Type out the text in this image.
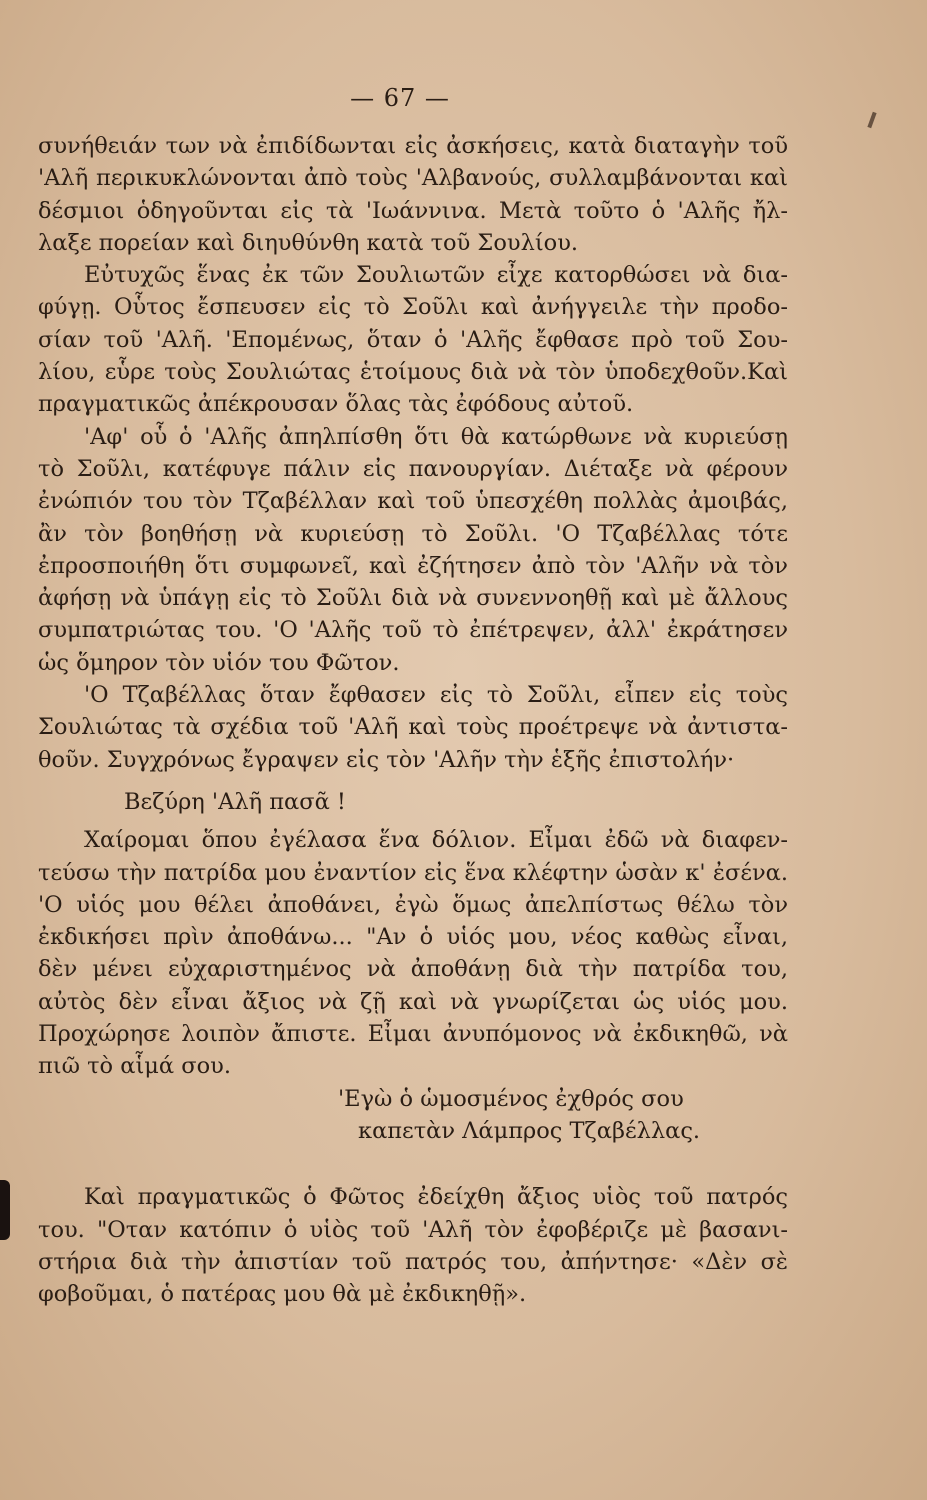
— 67 —
συνήθειάν των νὰ ἐπιδίδωνται εἰς ἀσκήσεις, κατὰ διαταγὴν τοῦ
'Αλῆ περικυκλώνονται ἀπὸ τοὺς 'Αλβανούς, συλλαμβάνονται καὶ
δέσμιοι ὁδηγοῦνται εἰς τὰ 'Ιωάννινα. Μετὰ τοῦτο ὁ 'Αλῆς ἤλ-
λαξε πορείαν καὶ διηυθύνθη κατὰ τοῦ Σουλίου.
Εὐτυχῶς ἕνας ἐκ τῶν Σουλιωτῶν εἶχε κατορθώσει νὰ δια-
φύγῃ. Οὗτος ἔσπευσεν εἰς τὸ Σοῦλι καὶ ἀνήγγειλε τὴν προδο-
σίαν τοῦ 'Αλῆ. 'Επομένως, ὅταν ὁ 'Αλῆς ἔφθασε πρὸ τοῦ Σου-
λίου, εὗρε τοὺς Σουλιώτας ἑτοίμους διὰ νὰ τὸν ὑποδεχθοῦν.Καὶ
πραγματικῶς ἀπέκρουσαν ὅλας τὰς ἐφόδους αὐτοῦ.
'Αφ' οὗ ὁ 'Αλῆς ἀπηλπίσθη ὅτι θὰ κατώρθωνε νὰ κυριεύσῃ
τὸ Σοῦλι, κατέφυγε πάλιν εἰς πανουργίαν. Διέταξε νὰ φέρουν
ἐνώπιόν του τὸν Τζαβέλλαν καὶ τοῦ ὑπεσχέθη πολλὰς ἀμοιβάς,
ἂν τὸν βοηθήσῃ νὰ κυριεύσῃ τὸ Σοῦλι. 'Ο Τζαβέλλας τότε
ἐπροσποιήθη ὅτι συμφωνεῖ, καὶ ἐζήτησεν ἀπὸ τὸν 'Αλῆν νὰ τὸν
ἀφήσῃ νὰ ὑπάγῃ εἰς τὸ Σοῦλι διὰ νὰ συνεννοηθῇ καὶ μὲ ἄλλους
συμπατριώτας του. 'Ο 'Αλῆς τοῦ τὸ ἐπέτρεψεν, ἀλλ' ἐκράτησεν
ὡς ὅμηρον τὸν υἱόν του Φῶτον.
'Ο Τζαβέλλας ὅταν ἔφθασεν εἰς τὸ Σοῦλι, εἶπεν εἰς τοὺς
Σουλιώτας τὰ σχέδια τοῦ 'Αλῆ καὶ τοὺς προέτρεψε νὰ ἀντιστα-
θοῦν. Συγχρόνως ἔγραψεν εἰς τὸν 'Αλῆν τὴν ἑξῆς ἐπιστολήν·
Βεζύρη 'Αλῆ πασᾶ !
Χαίρομαι ὅπου ἐγέλασα ἕνα δόλιον. Εἶμαι ἐδῶ νὰ διαφεν-
τεύσω τὴν πατρίδα μου ἐναντίον εἰς ἕνα κλέφτην ὡσὰν κ' ἐσένα.
'Ο υἱός μου θέλει ἀποθάνει, ἐγὼ ὅμως ἀπελπίστως θέλω τὸν
ἐκδικήσει πρὶν ἀποθάνω... "Αν ὁ υἱός μου, νέος καθὼς εἶναι,
δὲν μένει εὐχαριστημένος νὰ ἀποθάνῃ διὰ τὴν πατρίδα του,
αὐτὸς δὲν εἶναι ἄξιος νὰ ζῇ καὶ νὰ γνωρίζεται ὡς υἱός μου.
Προχώρησε λοιπὸν ἄπιστε. Εἶμαι ἀνυπόμονος νὰ ἐκδικηθῶ, νὰ
πιῶ τὸ αἷμά σου.
'Εγὼ ὁ ὡμοσμένος ἐχθρός σου
καπετὰν Λάμπρος Τζαβέλλας.
Καὶ πραγματικῶς ὁ Φῶτος ἐδείχθη ἄξιος υἱὸς τοῦ πατρός
του. "Οταν κατόπιν ὁ υἱὸς τοῦ 'Αλῆ τὸν ἐφοβέριζε μὲ βασανι-
στήρια διὰ τὴν ἀπιστίαν τοῦ πατρός του, ἀπήντησε· «Δὲν σὲ
φοβοῦμαι, ὁ πατέρας μου θὰ μὲ ἐκδικηθῇ».
